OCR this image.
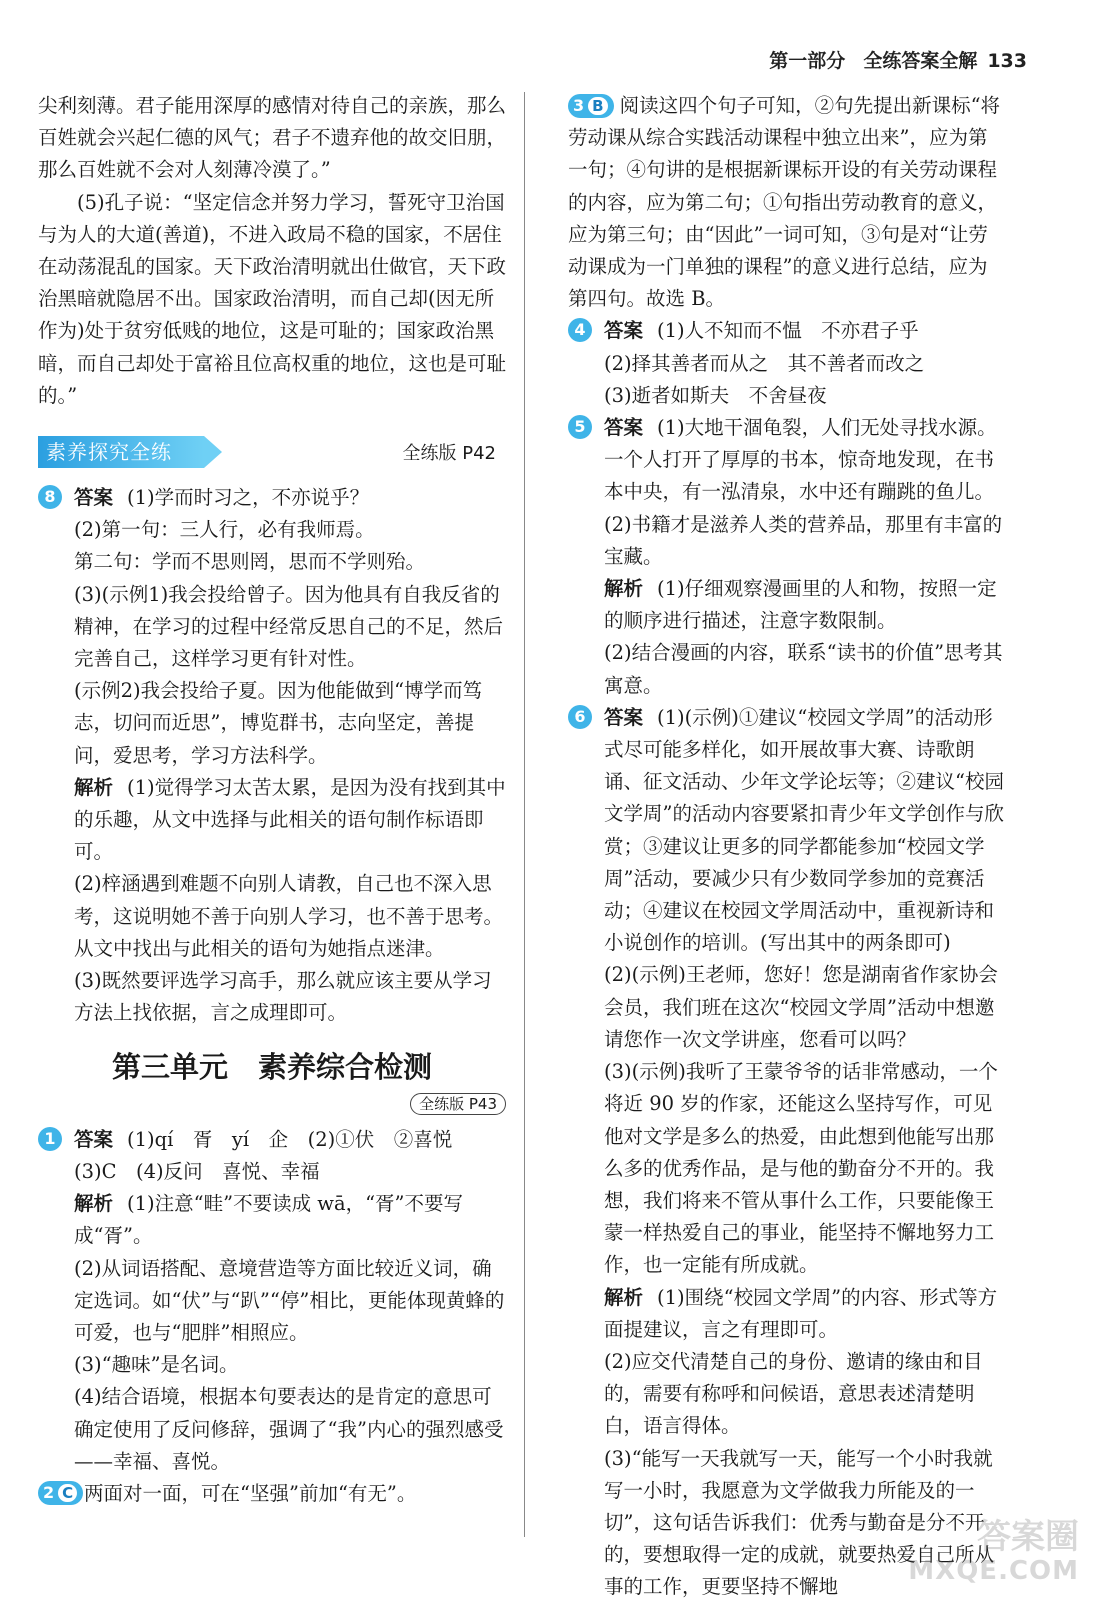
第一部分 全练答案全解 133

尖利刻薄。君子能用深厚的感情对待自己的亲族，那么百姓就会兴起仁德的风气；君子不遗弃他的故交旧朋，那么百姓就不会对人刻薄冷漠了。”

(5)孔子说：“坚定信念并努力学习，誓死守卫治国与为人的大道(善道)，不进入政局不稳的国家，不居住在动荡混乱的国家。天下政治清明就出仕做官，天下政治黑暗就隐居不出。国家政治清明，而自己却(因无所作为)处于贫穷低贱的地位，这是可耻的；国家政治黑暗，而自己却处于富裕且位高权重的地位，这也是可耻的。”

素养探究全练	全练版 P42

8 答案 (1)学而时习之，不亦说乎？

(2)第一句：三人行，必有我师焉。

第二句：学而不思则罔，思而不学则殆。

(3)(示例1)我会投给曾子。因为他具有自我反省的精神，在学习的过程中经常反思自己的不足，然后完善自己，这样学习更有针对性。

(示例2)我会投给子夏。因为他能做到“博学而笃志，切问而近思”，博览群书，志向坚定，善提问，爱思考，学习方法科学。

解析 (1)觉得学习太苦太累，是因为没有找到其中的乐趣，从文中选择与此相关的语句制作标语即可。

(2)梓涵遇到难题不向别人请教，自己也不深入思考，这说明她不善于向别人学习，也不善于思考。从文中找出与此相关的语句为她指点迷津。

(3)既然要评选学习高手，那么就应该主要从学习方法上找依据，言之成理即可。

第三单元 素养综合检测
全练版 P43

1 答案 (1)qí　胥　yí　企　(2)①伏　②喜悦

(3)C　(4)反问　喜悦、幸福

解析 (1)注意“畦”不要读成 wā，“胥”不要写成“胥”。

(2)从词语搭配、意境营造等方面比较近义词，确定选词。如“伏”与“趴”“停”相比，更能体现黄蜂的可爱，也与“肥胖”相照应。

(3)“趣味”是名词。

(4)结合语境，根据本句要表达的是肯定的意思可确定使用了反问修辞，强调了“我”内心的强烈感受——幸福、喜悦。

2 C 两面对一面，可在“坚强”前加“有无”。

3 B 阅读这四个句子可知，②句先提出新课标“将劳动课从综合实践活动课程中独立出来”，应为第一句；④句讲的是根据新课标开设的有关劳动课程的内容，应为第二句；①句指出劳动教育的意义，应为第三句；由“因此”一词可知，③句是对“让劳动课成为一门单独的课程”的意义进行总结，应为第四句。故选 B。

4 答案 (1)人不知而不愠　不亦君子乎

(2)择其善者而从之　其不善者而改之

(3)逝者如斯夫　不舍昼夜

5 答案 (1)大地干涸龟裂，人们无处寻找水源。一个人打开了厚厚的书本，惊奇地发现，在书本中央，有一泓清泉，水中还有蹦跳的鱼儿。

(2)书籍才是滋养人类的营养品，那里有丰富的宝藏。

解析 (1)仔细观察漫画里的人和物，按照一定的顺序进行描述，注意字数限制。

(2)结合漫画的内容，联系“读书的价值”思考其寓意。

6 答案 (1)(示例)①建议“校园文学周”的活动形式尽可能多样化，如开展故事大赛、诗歌朗诵、征文活动、少年文学论坛等；②建议“校园文学周”的活动内容要紧扣青少年文学创作与欣赏；③建议让更多的同学都能参加“校园文学周”活动，要减少只有少数同学参加的竞赛活动；④建议在校园文学周活动中，重视新诗和小说创作的培训。(写出其中的两条即可)

(2)(示例)王老师，您好！您是湖南省作家协会会员，我们班在这次“校园文学周”活动中想邀请您作一次文学讲座，您看可以吗？

(3)(示例)我听了王蒙爷爷的话非常感动，一个将近 90 岁的作家，还能这么坚持写作，可见他对文学是多么的热爱，由此想到他能写出那么多的优秀作品，是与他的勤奋分不开的。我想，我们将来不管从事什么工作，只要能像王蒙一样热爱自己的事业，能坚持不懈地努力工作，也一定能有所成就。

解析 (1)围绕“校园文学周”的内容、形式等方面提建议，言之有理即可。

(2)应交代清楚自己的身份、邀请的缘由和目的，需要有称呼和问候语，意思表述清楚明白，语言得体。

(3)“能写一天我就写一天，能写一个小时我就写一小时，我愿意为文学做我力所能及的一切”，这句话告诉我们：优秀与勤奋是分不开的，要想取得一定的成就，就要热爱自己所从事的工作，更要坚持不懈地

答案圈
MXQE.COM
